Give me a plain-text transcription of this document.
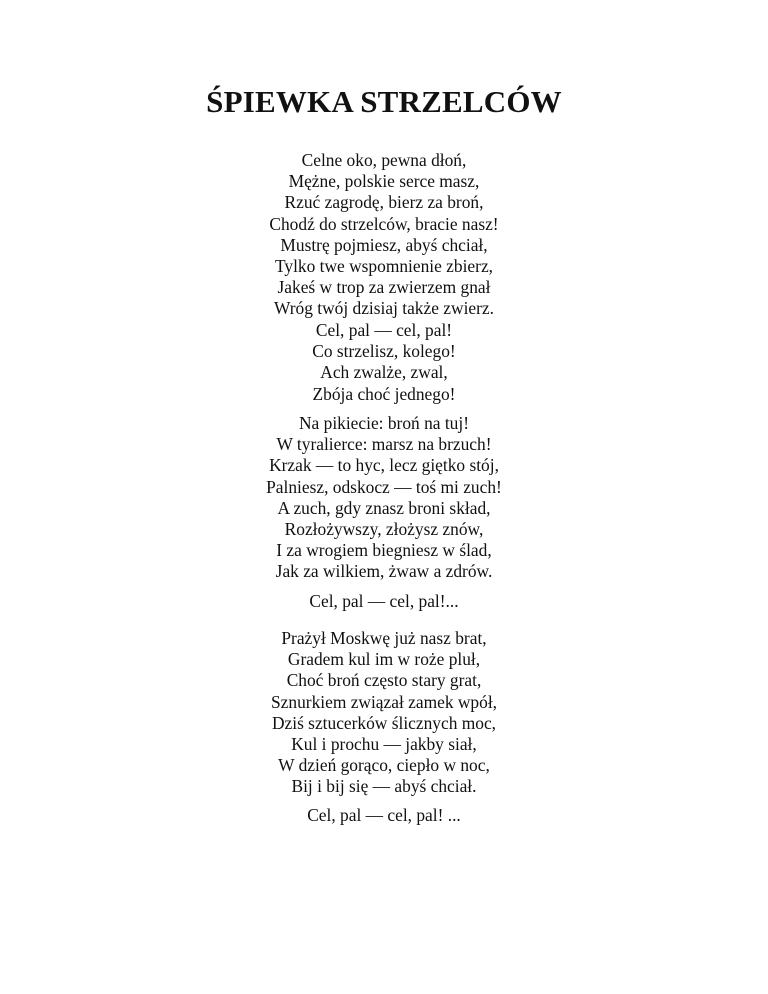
ŚPIEWKA STRZELCÓW
Celne oko, pewna dłoń,
Mężne, polskie serce masz,
Rzuć zagrodę, bierz za broń,
Chodź do strzelców, bracie nasz!
Mustrę pojmiesz, abyś chciał,
Tylko twe wspomnienie zbierz,
Jakeś w trop za zwierzem gnał
Wróg twój dzisiaj także zwierz.
Cel, pal — cel, pal!
Co strzelisz, kolego!
Ach zwalże, zwal,
Zbója choć jednego!
Na pikiecie: broń na tuj!
W tyralierce: marsz na brzuch!
Krzak — to hyc, lecz giętko stój,
Palniesz, odskocz — toś mi zuch!
A zuch, gdy znasz broni skład,
Rozłożywszy, złożysz znów,
I za wrogiem biegniesz w ślad,
Jak za wilkiem, żwaw a zdrów.
Cel, pal — cel, pal!...
Prażył Moskwę już nasz brat,
Gradem kul im w roże pluł,
Choć broń często stary grat,
Sznurkiem związał zamek wpół,
Dziś sztucerków ślicznych moc,
Kul i prochu — jakby siał,
W dzień gorąco, ciepło w noc,
Bij i bij się — abyś chciał.
Cel, pal — cel, pal! ...
